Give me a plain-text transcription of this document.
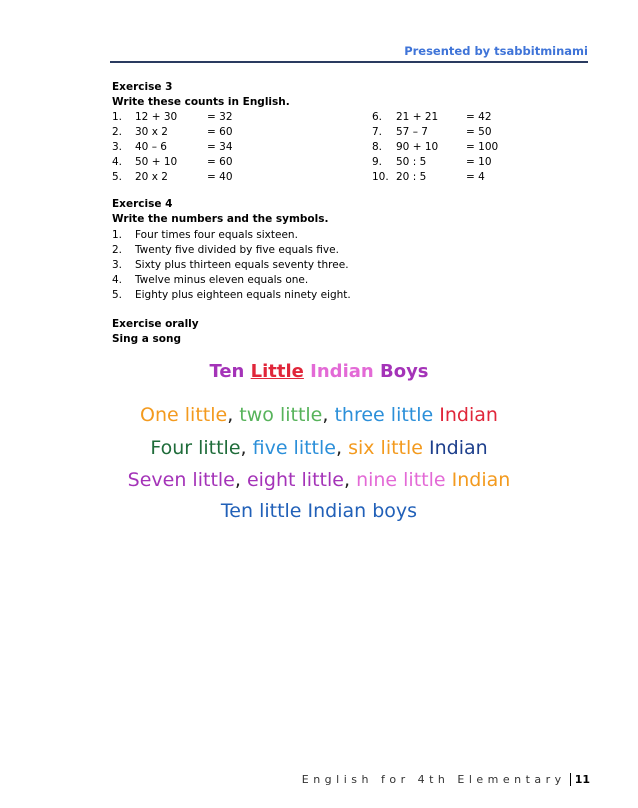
Presented by tsabbitminami
Exercise 3
Write these counts in English.
1. 12 + 30	= 32
2. 30 x 2	= 60
3. 40 – 6	= 34
4. 50 + 10	= 60
5. 20 x 2	= 40
6. 21 + 21	= 42
7. 57 – 7	= 50
8. 90 + 10	= 100
9. 50 : 5	= 10
10. 20 : 5	= 4
Exercise 4
Write the numbers and the symbols.
1. Four times four equals sixteen.
2. Twenty five divided by five equals five.
3. Sixty plus thirteen equals seventy three.
4. Twelve minus eleven equals one.
5. Eighty plus eighteen equals ninety eight.
Exercise orally
Sing a song
Ten Little Indian Boys
One little, two little, three little Indian
Four little, five little, six little Indian
Seven little, eight little, nine little Indian
Ten little Indian boys
English for 4th Elementary 11
